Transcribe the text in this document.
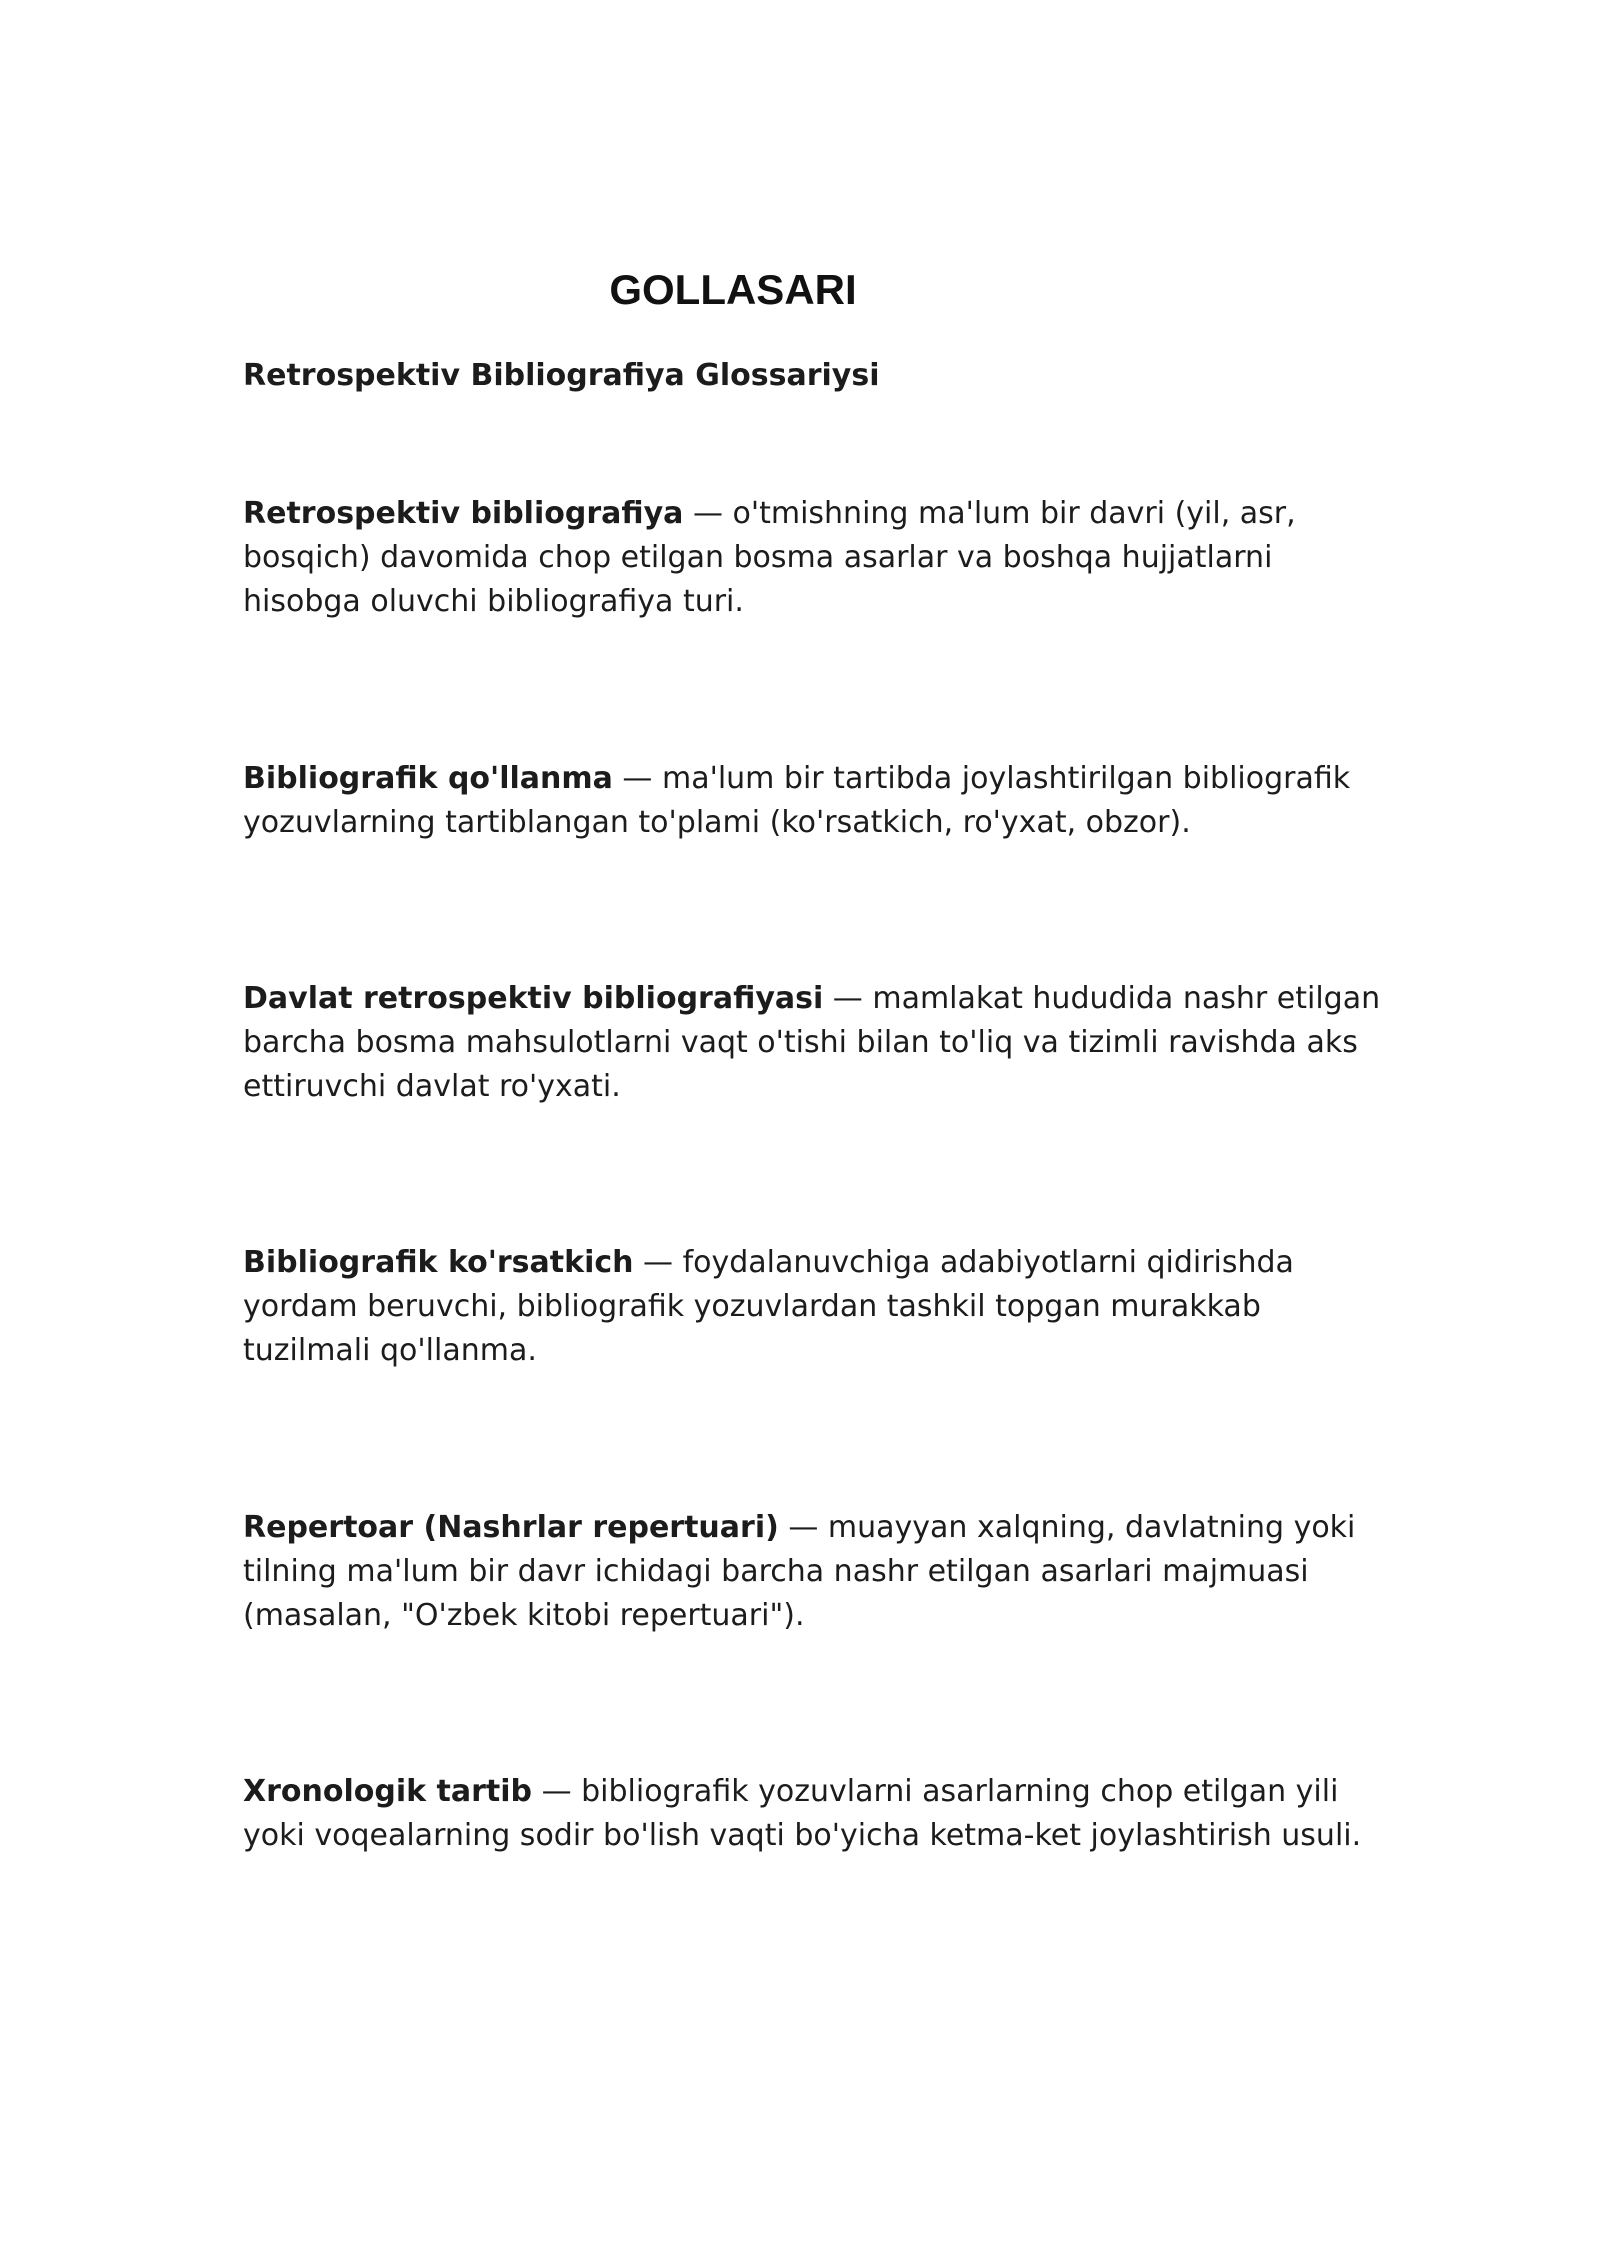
GOLLASARI
Retrospektiv Bibliografiya Glossariysi

Retrospektiv bibliografiya — o'tmishning ma'lum bir davri (yil, asr, bosqich) davomida chop etilgan bosma asarlar va boshqa hujjatlarni hisobga oluvchi bibliografiya turi.

Bibliografik qo'llanma — ma'lum bir tartibda joylashtirilgan bibliografik yozuvlarning tartiblangan to'plami (ko'rsatkich, ro'yxat, obzor).

Davlat retrospektiv bibliografiyasi — mamlakat hududida nashr etilgan barcha bosma mahsulotlarni vaqt o'tishi bilan to'liq va tizimli ravishda aks ettiruvchi davlat ro'yxati.

Bibliografik ko'rsatkich — foydalanuvchiga adabiyotlarni qidirishda yordam beruvchi, bibliografik yozuvlardan tashkil topgan murakkab tuzilmali qo'llanma.

Repertoar (Nashrlar repertuari) — muayyan xalqning, davlatning yoki tilning ma'lum bir davr ichidagi barcha nashr etilgan asarlari majmuasi (masalan, "O'zbek kitobi repertuari").

Xronologik tartib — bibliografik yozuvlarni asarlarning chop etilgan yili yoki voqealarning sodir bo'lish vaqti bo'yicha ketma-ket joylashtirish usuli.
